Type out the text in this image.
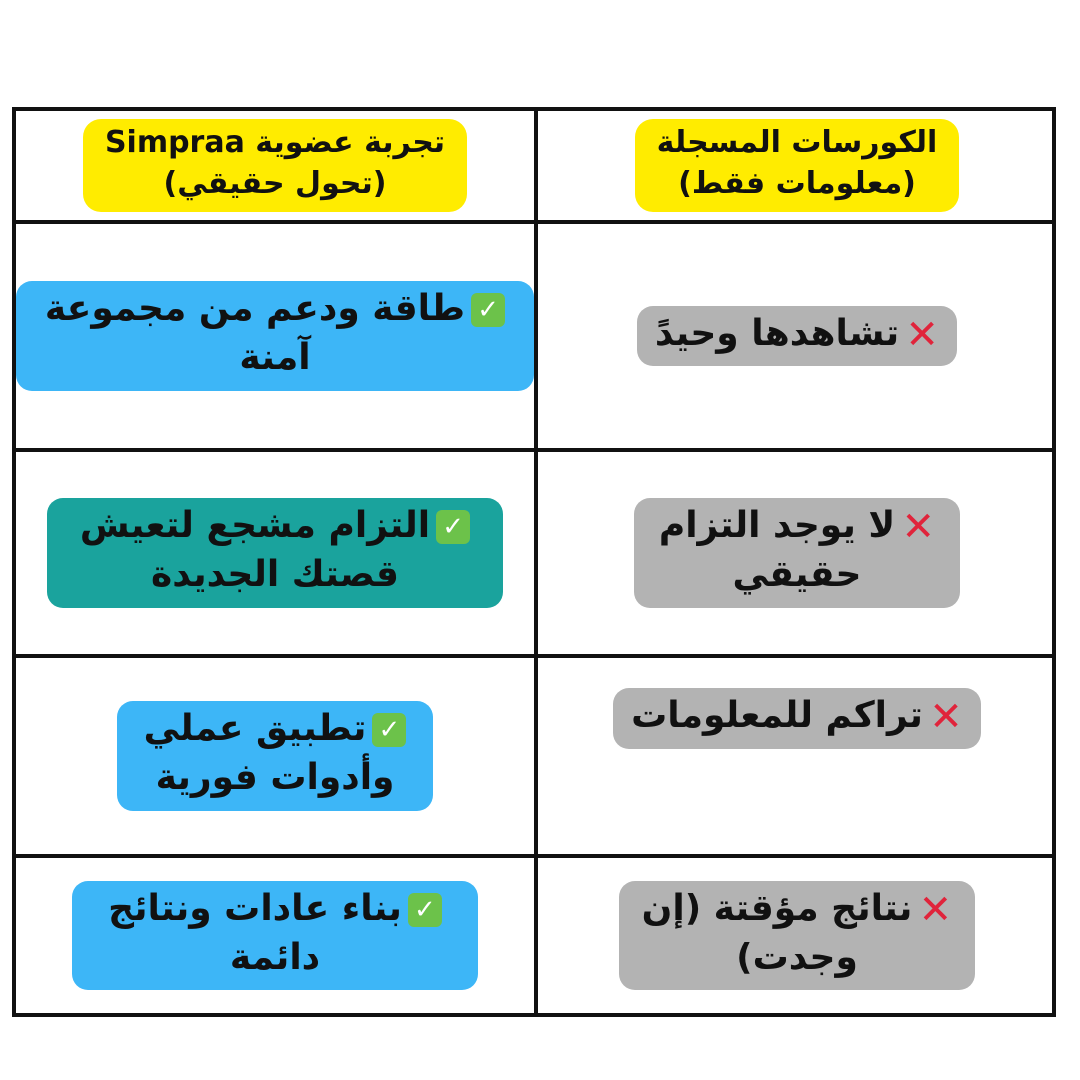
تجربة عضوية Simpraa
(تحول حقيقي)
الكورسات المسجلة
(معلومات فقط)
✓طاقة ودعم من مجموعة آمنة	✕تشاهدها وحيدً
✓التزام مشجع لتعيش قصتك الجديدة
✕لا يوجد التزام حقيقي
✓تطبيق عملي وأدوات فورية
✕تراكم للمعلومات
✓بناء عادات ونتائج دائمة
✕نتائج مؤقتة (إن وجدت)
